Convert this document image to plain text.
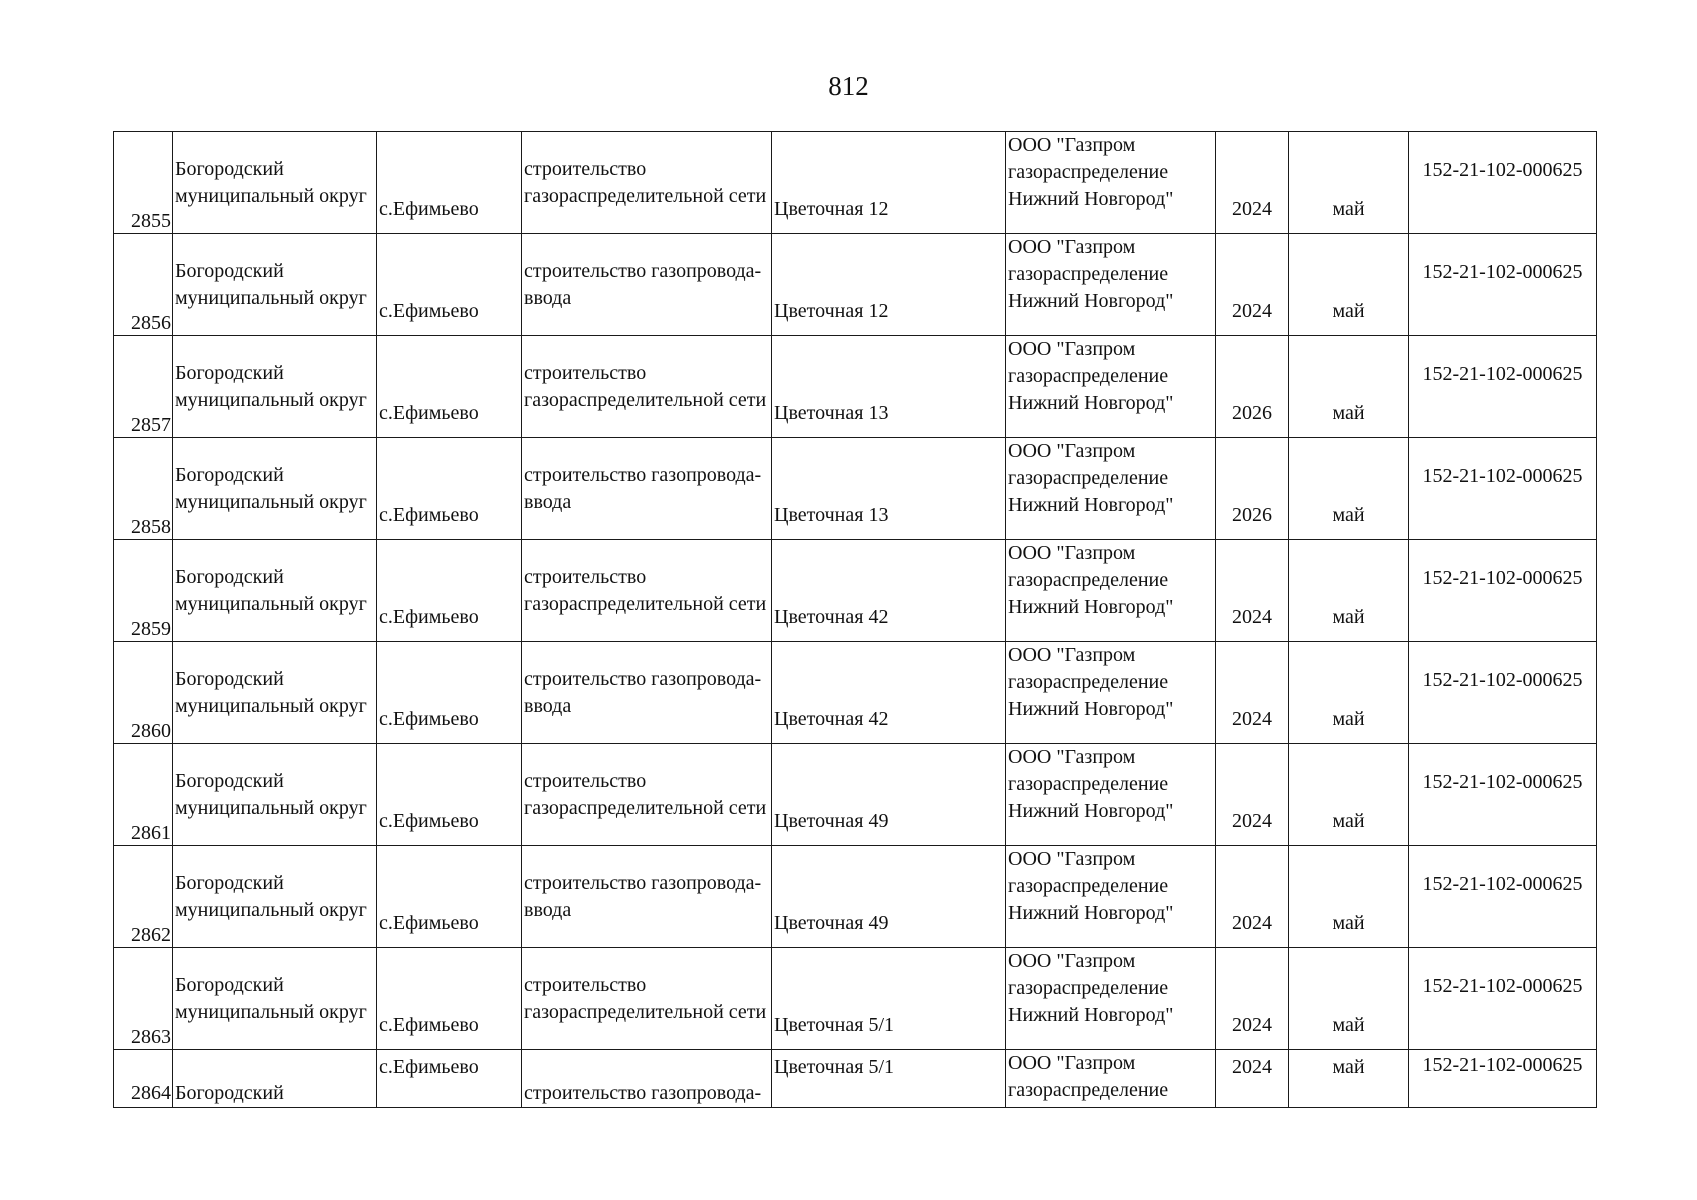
812
2855	Богородский
муниципальный округ	с.Ефимьево	строительство
газораспределительной сети	Цветочная 12	ООО "Газпром
газораспределение
Нижний Новгород"	2024	май	152-21-102-000625

2856	Богородский
муниципальный округ	с.Ефимьево	строительство газопровода-
ввода	Цветочная 12	ООО "Газпром
газораспределение
Нижний Новгород"	2024	май	152-21-102-000625

2857	Богородский
муниципальный округ	с.Ефимьево	строительство
газораспределительной сети	Цветочная 13	ООО "Газпром
газораспределение
Нижний Новгород"	2026	май	152-21-102-000625

2858	Богородский
муниципальный округ	с.Ефимьево	строительство газопровода-
ввода	Цветочная 13	ООО "Газпром
газораспределение
Нижний Новгород"	2026	май	152-21-102-000625

2859	Богородский
муниципальный округ	с.Ефимьево	строительство
газораспределительной сети	Цветочная 42	ООО "Газпром
газораспределение
Нижний Новгород"	2024	май	152-21-102-000625

2860	Богородский
муниципальный округ	с.Ефимьево	строительство газопровода-
ввода	Цветочная 42	ООО "Газпром
газораспределение
Нижний Новгород"	2024	май	152-21-102-000625

2861	Богородский
муниципальный округ	с.Ефимьево	строительство
газораспределительной сети	Цветочная 49	ООО "Газпром
газораспределение
Нижний Новгород"	2024	май	152-21-102-000625

2862	Богородский
муниципальный округ	с.Ефимьево	строительство газопровода-
ввода	Цветочная 49	ООО "Газпром
газораспределение
Нижний Новгород"	2024	май	152-21-102-000625

2863	Богородский
муниципальный округ	с.Ефимьево	строительство
газораспределительной сети	Цветочная 5/1	ООО "Газпром
газораспределение
Нижний Новгород"	2024	май	152-21-102-000625

2864	Богородский	с.Ефимьево	строительство газопровода-	Цветочная 5/1	ООО "Газпром
газораспределение	2024	май	152-21-102-000625
